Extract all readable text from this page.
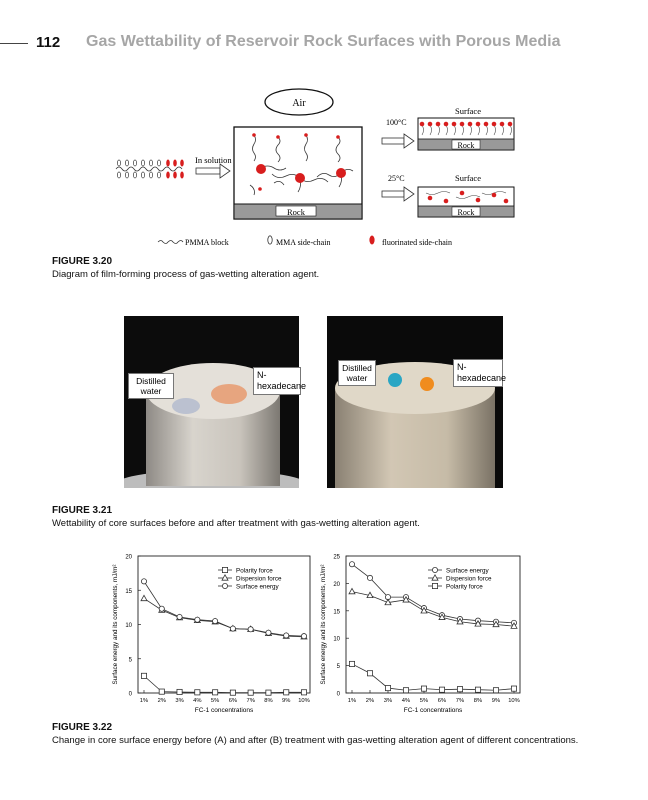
112 Gas Wettability of Reservoir Rock Surfaces with Porous Media
Air
Rock
In solution
100°C
25°C
Surface
Rock
Surface
Rock
PMMA block	MMA side-chain	fluorinated side-chain
FIGURE 3.20
Diagram of film-forming process of gas-wetting alteration agent.
Distilled water
N-hexadecane
Distilled water
N-hexadecane
FIGURE 3.21
Wettability of core surfaces before and after treatment with gas-wetting alteration agent.
0
5
10
15
20
1% 2% 3% 4% 5% 6% 7% 8% 9% 10%
FC-1 concentrations
Surface energy and its components, mJ/m²	Polarity force
Dispersion force
Surface energy
0
5
10
15
20
25
1% 2% 3% 4% 5% 6% 7% 8% 9% 10%
FC-1 concentrations
Surface energy and its components, mJ/m²	Surface energy
Dispersion force
Polarity force
FIGURE 3.22
Change in core surface energy before (A) and after (B) treatment with gas-wetting alteration agent of different concentrations.
